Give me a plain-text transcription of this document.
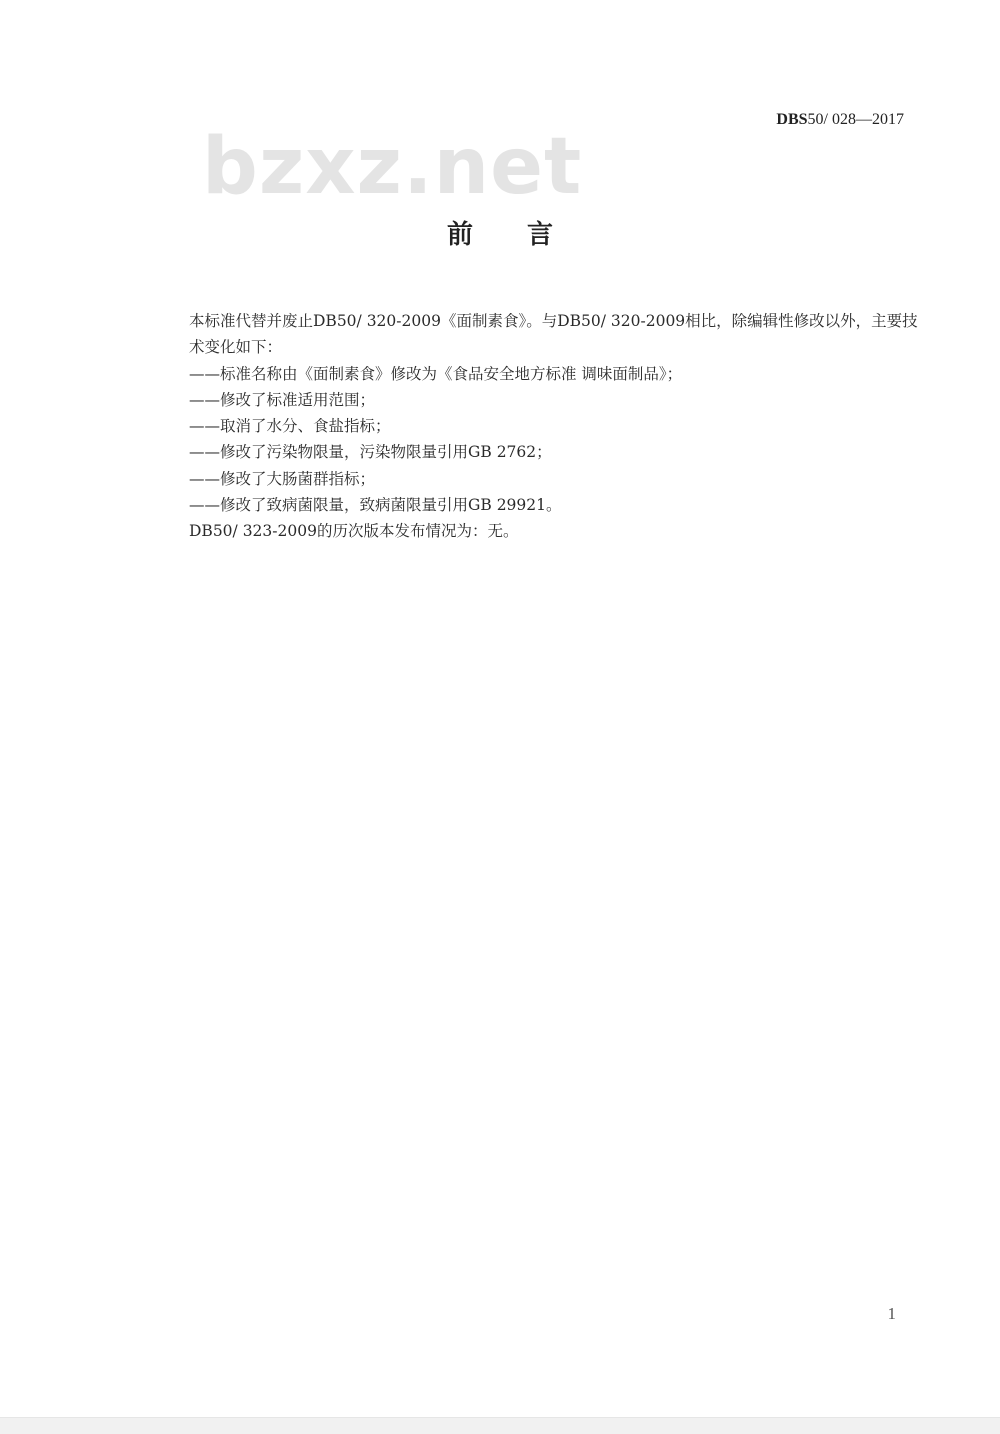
DBS50/ 028—2017
bzxz.net
前言

本标准代替并废止DB50/ 320-2009《面制素食》。与DB50/ 320-2009相比，除编辑性修改以外，主要技术变化如下：

——标准名称由《面制素食》修改为《食品安全地方标准 调味面制品》；

——修改了标准适用范围；

——取消了水分、食盐指标；

——修改了污染物限量，污染物限量引用GB 2762；

——修改了大肠菌群指标；

——修改了致病菌限量，致病菌限量引用GB 29921。

DB50/ 323-2009的历次版本发布情况为：无。

1
